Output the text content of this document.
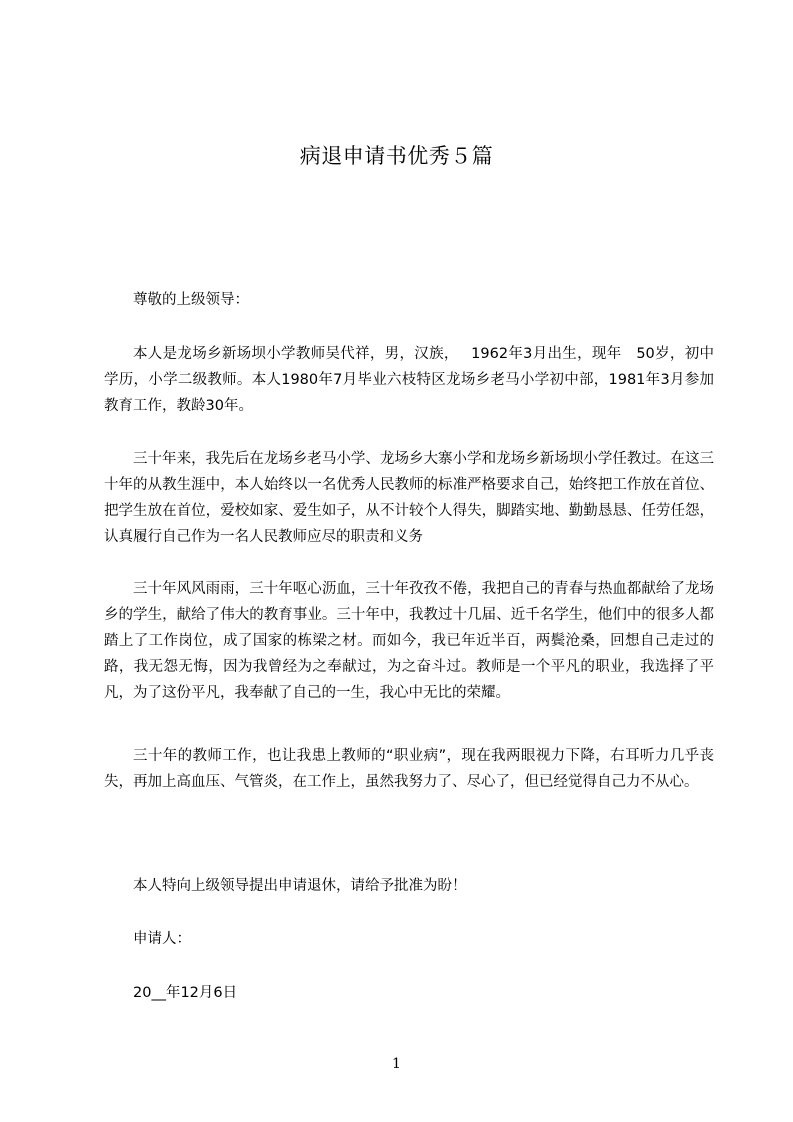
病退申请书优秀５篇

尊敬的上级领导：

本人是龙场乡新场坝小学教师吴代祥，男，汉族，　 1962年3月出生，现年　50岁，初中学历，小学二级教师。本人1980年7月毕业六枝特区龙场乡老马小学初中部，1981年3月参加教育工作，教龄30年。

三十年来，我先后在龙场乡老马小学、龙场乡大寨小学和龙场乡新场坝小学任教过。在这三十年的从教生涯中，本人始终以一名优秀人民教师的标准严格要求自己，始终把工作放在首位、把学生放在首位，爱校如家、爱生如子，从不计较个人得失，脚踏实地、勤勤恳恳、任劳任怨，认真履行自己作为一名人民教师应尽的职责和义务

三十年风风雨雨，三十年呕心沥血，三十年孜孜不倦，我把自己的青春与热血都献给了龙场乡的学生，献给了伟大的教育事业。三十年中，我教过十几届、近千名学生，他们中的很多人都踏上了工作岗位，成了国家的栋梁之材。而如今，我已年近半百，两鬓沧桑，回想自己走过的路，我无怨无悔，因为我曾经为之奉献过，为之奋斗过。教师是一个平凡的职业，我选择了平凡，为了这份平凡，我奉献了自己的一生，我心中无比的荣耀。

三十年的教师工作，也让我患上教师的“职业病”，现在我两眼视力下降，右耳听力几乎丧失，再加上高血压、气管炎，在工作上，虽然我努力了、尽心了，但已经觉得自己力不从心。

本人特向上级领导提出申请退休，请给予批准为盼！

申请人：

20__年12月6日

1
